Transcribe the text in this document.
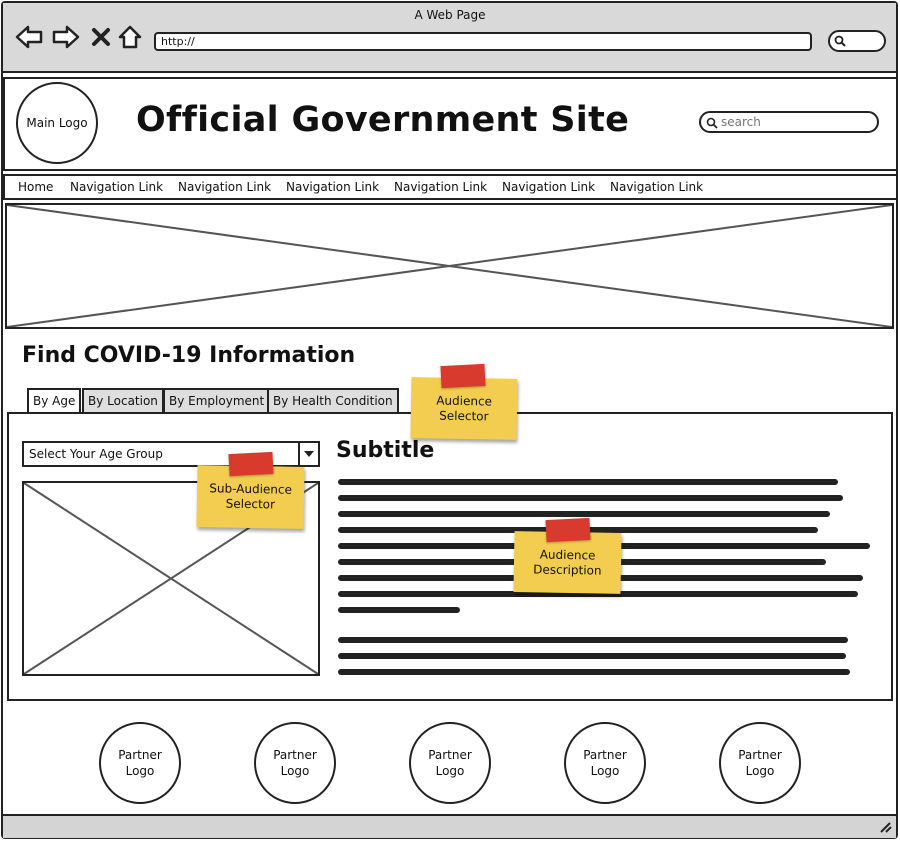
A Web Page
http://
Main Logo Official Government Site
search
Home Navigation Link Navigation Link Navigation Link Navigation Link Navigation Link Navigation Link
Find COVID-19 Information
By Age	By Location By Employment By Health Condition
Select Your Age Group	Subtitle
Audience Selector
Sub-Audience Selector
Audience Description
Partner Logo
Partner Logo
Partner Logo
Partner Logo
Partner Logo
